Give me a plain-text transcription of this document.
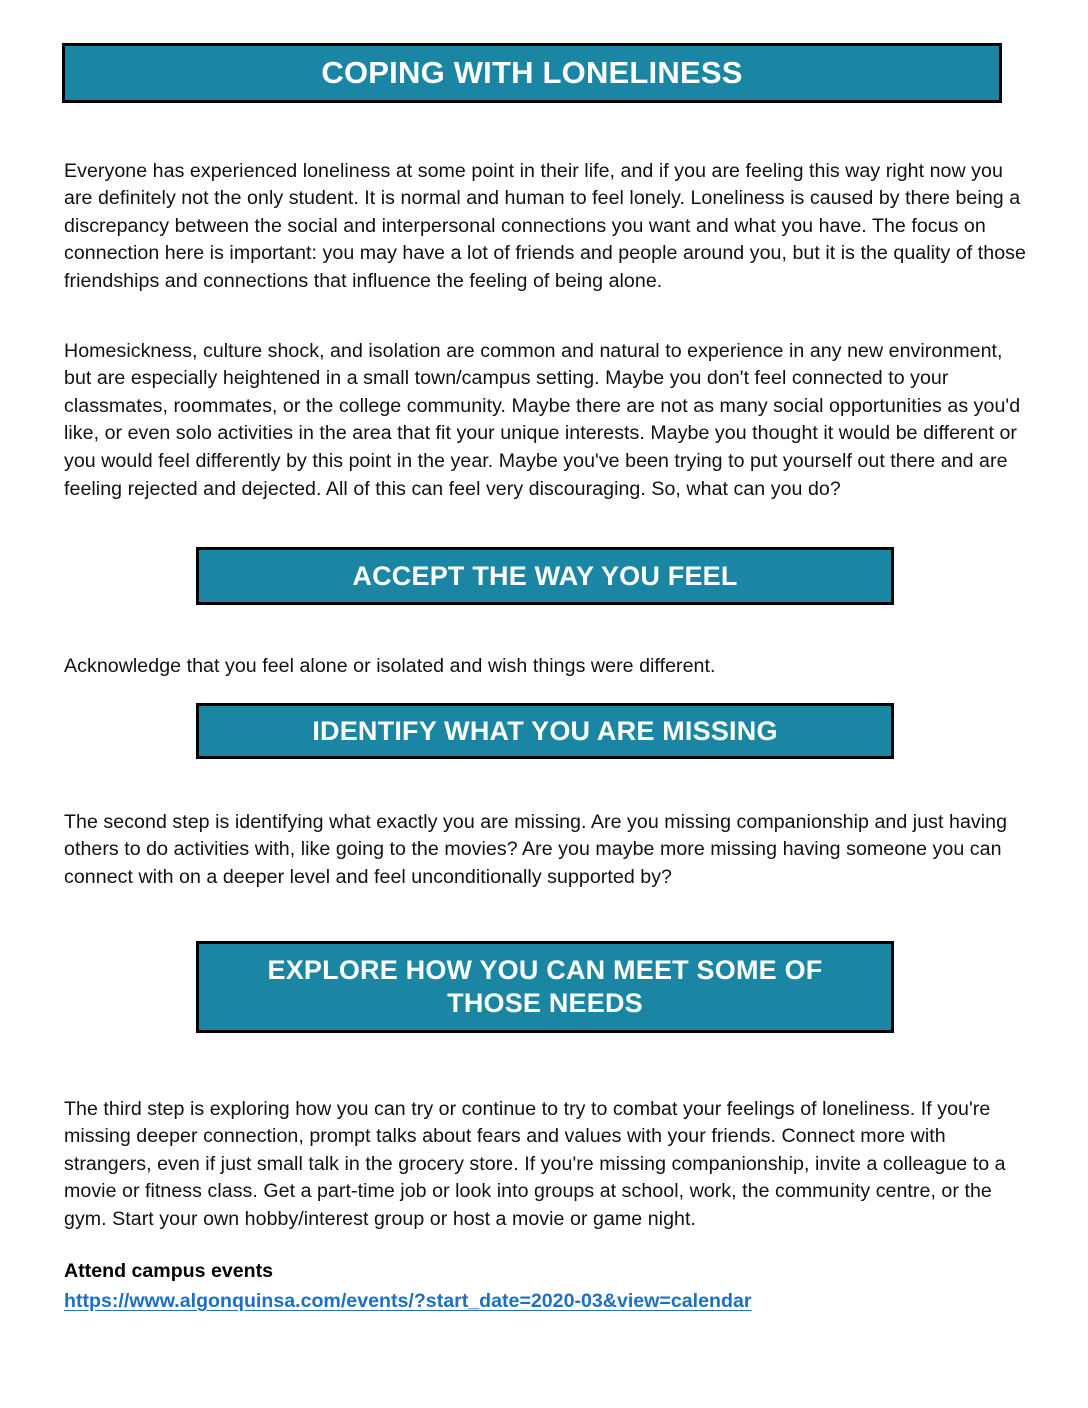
COPING WITH LONELINESS

Everyone has experienced loneliness at some point in their life, and if you are feeling this way right now you are definitely not the only student. It is normal and human to feel lonely. Loneliness is caused by there being a discrepancy between the social and interpersonal connections you want and what you have. The focus on connection here is important: you may have a lot of friends and people around you, but it is the quality of those friendships and connections that influence the feeling of being alone.

Homesickness, culture shock, and isolation are common and natural to experience in any new environment, but are especially heightened in a small town/campus setting. Maybe you don't feel connected to your classmates, roommates, or the college community. Maybe there are not as many social opportunities as you'd like, or even solo activities in the area that fit your unique interests. Maybe you thought it would be different or you would feel differently by this point in the year. Maybe you've been trying to put yourself out there and are feeling rejected and dejected. All of this can feel very discouraging. So, what can you do?

ACCEPT THE WAY YOU FEEL

Acknowledge that you feel alone or isolated and wish things were different.

IDENTIFY WHAT YOU ARE MISSING

The second step is identifying what exactly you are missing. Are you missing companionship and just having others to do activities with, like going to the movies? Are you maybe more missing having someone you can connect with on a deeper level and feel unconditionally supported by?

EXPLORE HOW YOU CAN MEET SOME OF THOSE NEEDS

The third step is exploring how you can try or continue to try to combat your feelings of loneliness. If you're missing deeper connection, prompt talks about fears and values with your friends. Connect more with strangers, even if just small talk in the grocery store. If you're missing companionship, invite a colleague to a movie or fitness class. Get a part-time job or look into groups at school, work, the community centre, or the gym. Start your own hobby/interest group or host a movie or game night.

Attend campus events
https://www.algonquinsa.com/events/?start_date=2020-03&view=calendar
